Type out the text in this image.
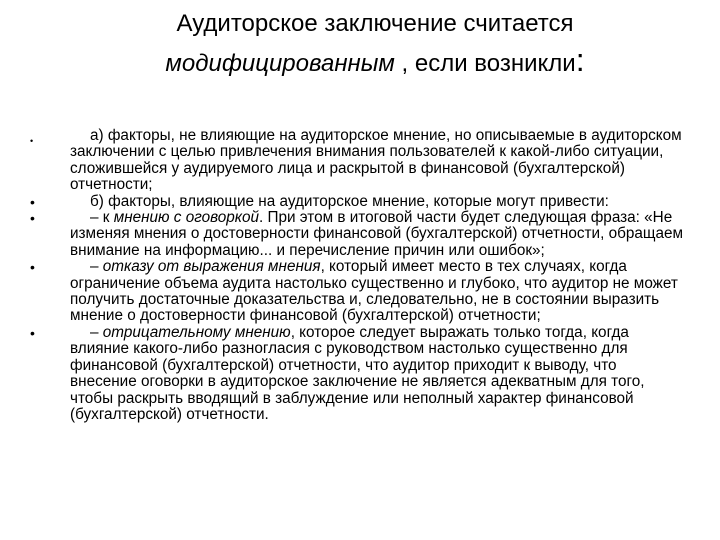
Аудиторское заключение считается
модифицированным , если возникли:

•	а) факторы, не влияющие на аудиторское мнение, но описываемые в аудиторском заключении с целью привлечения внимания пользователей к какой-либо ситуации, сложившейся у аудируемого лица и раскрытой в финансовой (бухгалтерской) отчетности;

•	б) факторы, влияющие на аудиторское мнение, которые могут привести:

•	– к мнению с оговоркой. При этом в итоговой части будет следующая фраза: «Не изменяя мнения о достоверности финансовой (бухгалтерской) отчетности, обращаем внимание на информацию... и перечисление причин или ошибок»;

•	– отказу от выражения мнения, который имеет место в тех случаях, когда ограничение объема аудита настолько существенно и глубоко, что аудитор не может получить достаточные доказательства и, следовательно, не в состоянии выразить мнение о достоверности финансовой (бухгалтерской) отчетности;

•	– отрицательному мнению, которое следует выражать только тогда, когда влияние какого-либо разногласия с руководством настолько существенно для финансовой (бухгалтерской) отчетности, что аудитор приходит к выводу, что внесение оговорки в аудиторское заключение не является адекватным для того, чтобы раскрыть вводящий в заблуждение или неполный характер финансовой (бухгалтерской) отчетности.
